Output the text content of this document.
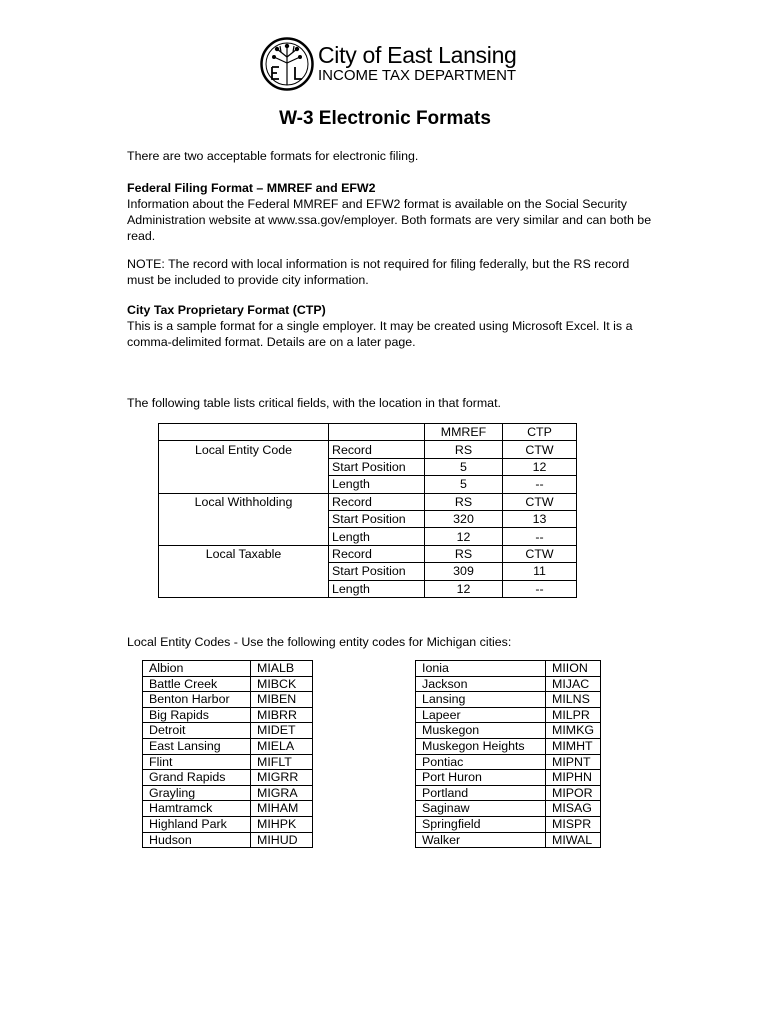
City of East Lansing
INCOME TAX DEPARTMENT
W-3 Electronic Formats
There are two acceptable formats for electronic filing.
Federal Filing Format – MMREF and EFW2
Information about the Federal MMREF and EFW2 format is available on the Social Security Administration website at www.ssa.gov/employer. Both formats are very similar and can both be read.
NOTE: The record with local information is not required for filing federally, but the RS record must be included to provide city information.
City Tax Proprietary Format (CTP)
This is a sample format for a single employer. It may be created using Microsoft Excel. It is a comma-delimited format. Details are on a later page.
The following table lists critical fields, with the location in that format.
		MMREF	CTP
Local Entity Code	Record	RS	CTW
	Start Position	5	12
	Length	5	--
Local Withholding	Record	RS	CTW
	Start Position	320	13
	Length	12	--
Local Taxable	Record	RS	CTW
	Start Position	309	11
	Length	12	--
Local Entity Codes - Use the following entity codes for Michigan cities:
Albion	MIALB
Battle Creek	MIBCK
Benton Harbor	MIBEN
Big Rapids	MIBRR
Detroit	MIDET
East Lansing	MIELA
Flint	MIFLT
Grand Rapids	MIGRR
Grayling	MIGRA
Hamtramck	MIHAM
Highland Park	MIHPK
Hudson	MIHUD
Ionia	MIION
Jackson	MIJAC
Lansing	MILNS
Lapeer	MILPR
Muskegon	MIMKG
Muskegon Heights	MIMHT
Pontiac	MIPNT
Port Huron	MIPHN
Portland	MIPOR
Saginaw	MISAG
Springfield	MISPR
Walker	MIWAL
